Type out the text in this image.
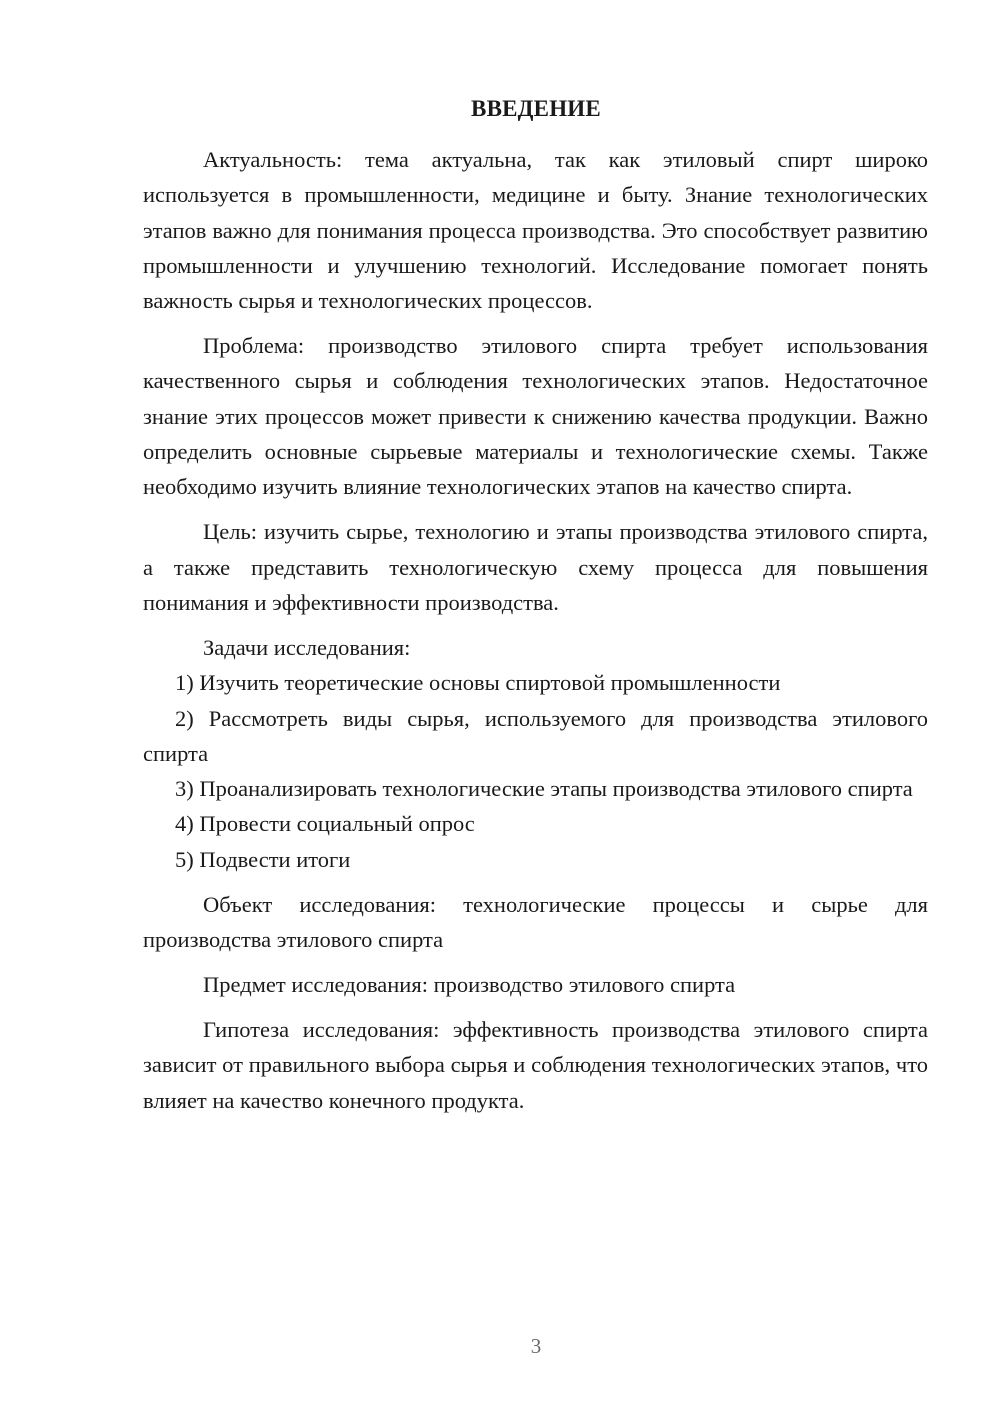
ВВЕДЕНИЕ

Актуальность: тема актуальна, так как этиловый спирт широко используется в промышленности, медицине и быту. Знание технологических этапов важно для понимания процесса производства. Это способствует развитию промышленности и улучшению технологий. Исследование помогает понять важность сырья и технологических процессов.

Проблема: производство этилового спирта требует использования качественного сырья и соблюдения технологических этапов. Недостаточное знание этих процессов может привести к снижению качества продукции. Важно определить основные сырьевые материалы и технологические схемы. Также необходимо изучить влияние технологических этапов на качество спирта.

Цель: изучить сырье, технологию и этапы производства этилового спирта, а также представить технологическую схему процесса для повышения понимания и эффективности производства.

Задачи исследования:

1) Изучить теоретические основы спиртовой промышленности

2) Рассмотреть виды сырья, используемого для производства этилового спирта

3) Проанализировать технологические этапы производства этилового спирта

4) Провести социальный опрос

5) Подвести итоги

Объект исследования: технологические процессы и сырье для производства этилового спирта

Предмет исследования: производство этилового спирта

Гипотеза исследования: эффективность производства этилового спирта зависит от правильного выбора сырья и соблюдения технологических этапов, что влияет на качество конечного продукта.

3
